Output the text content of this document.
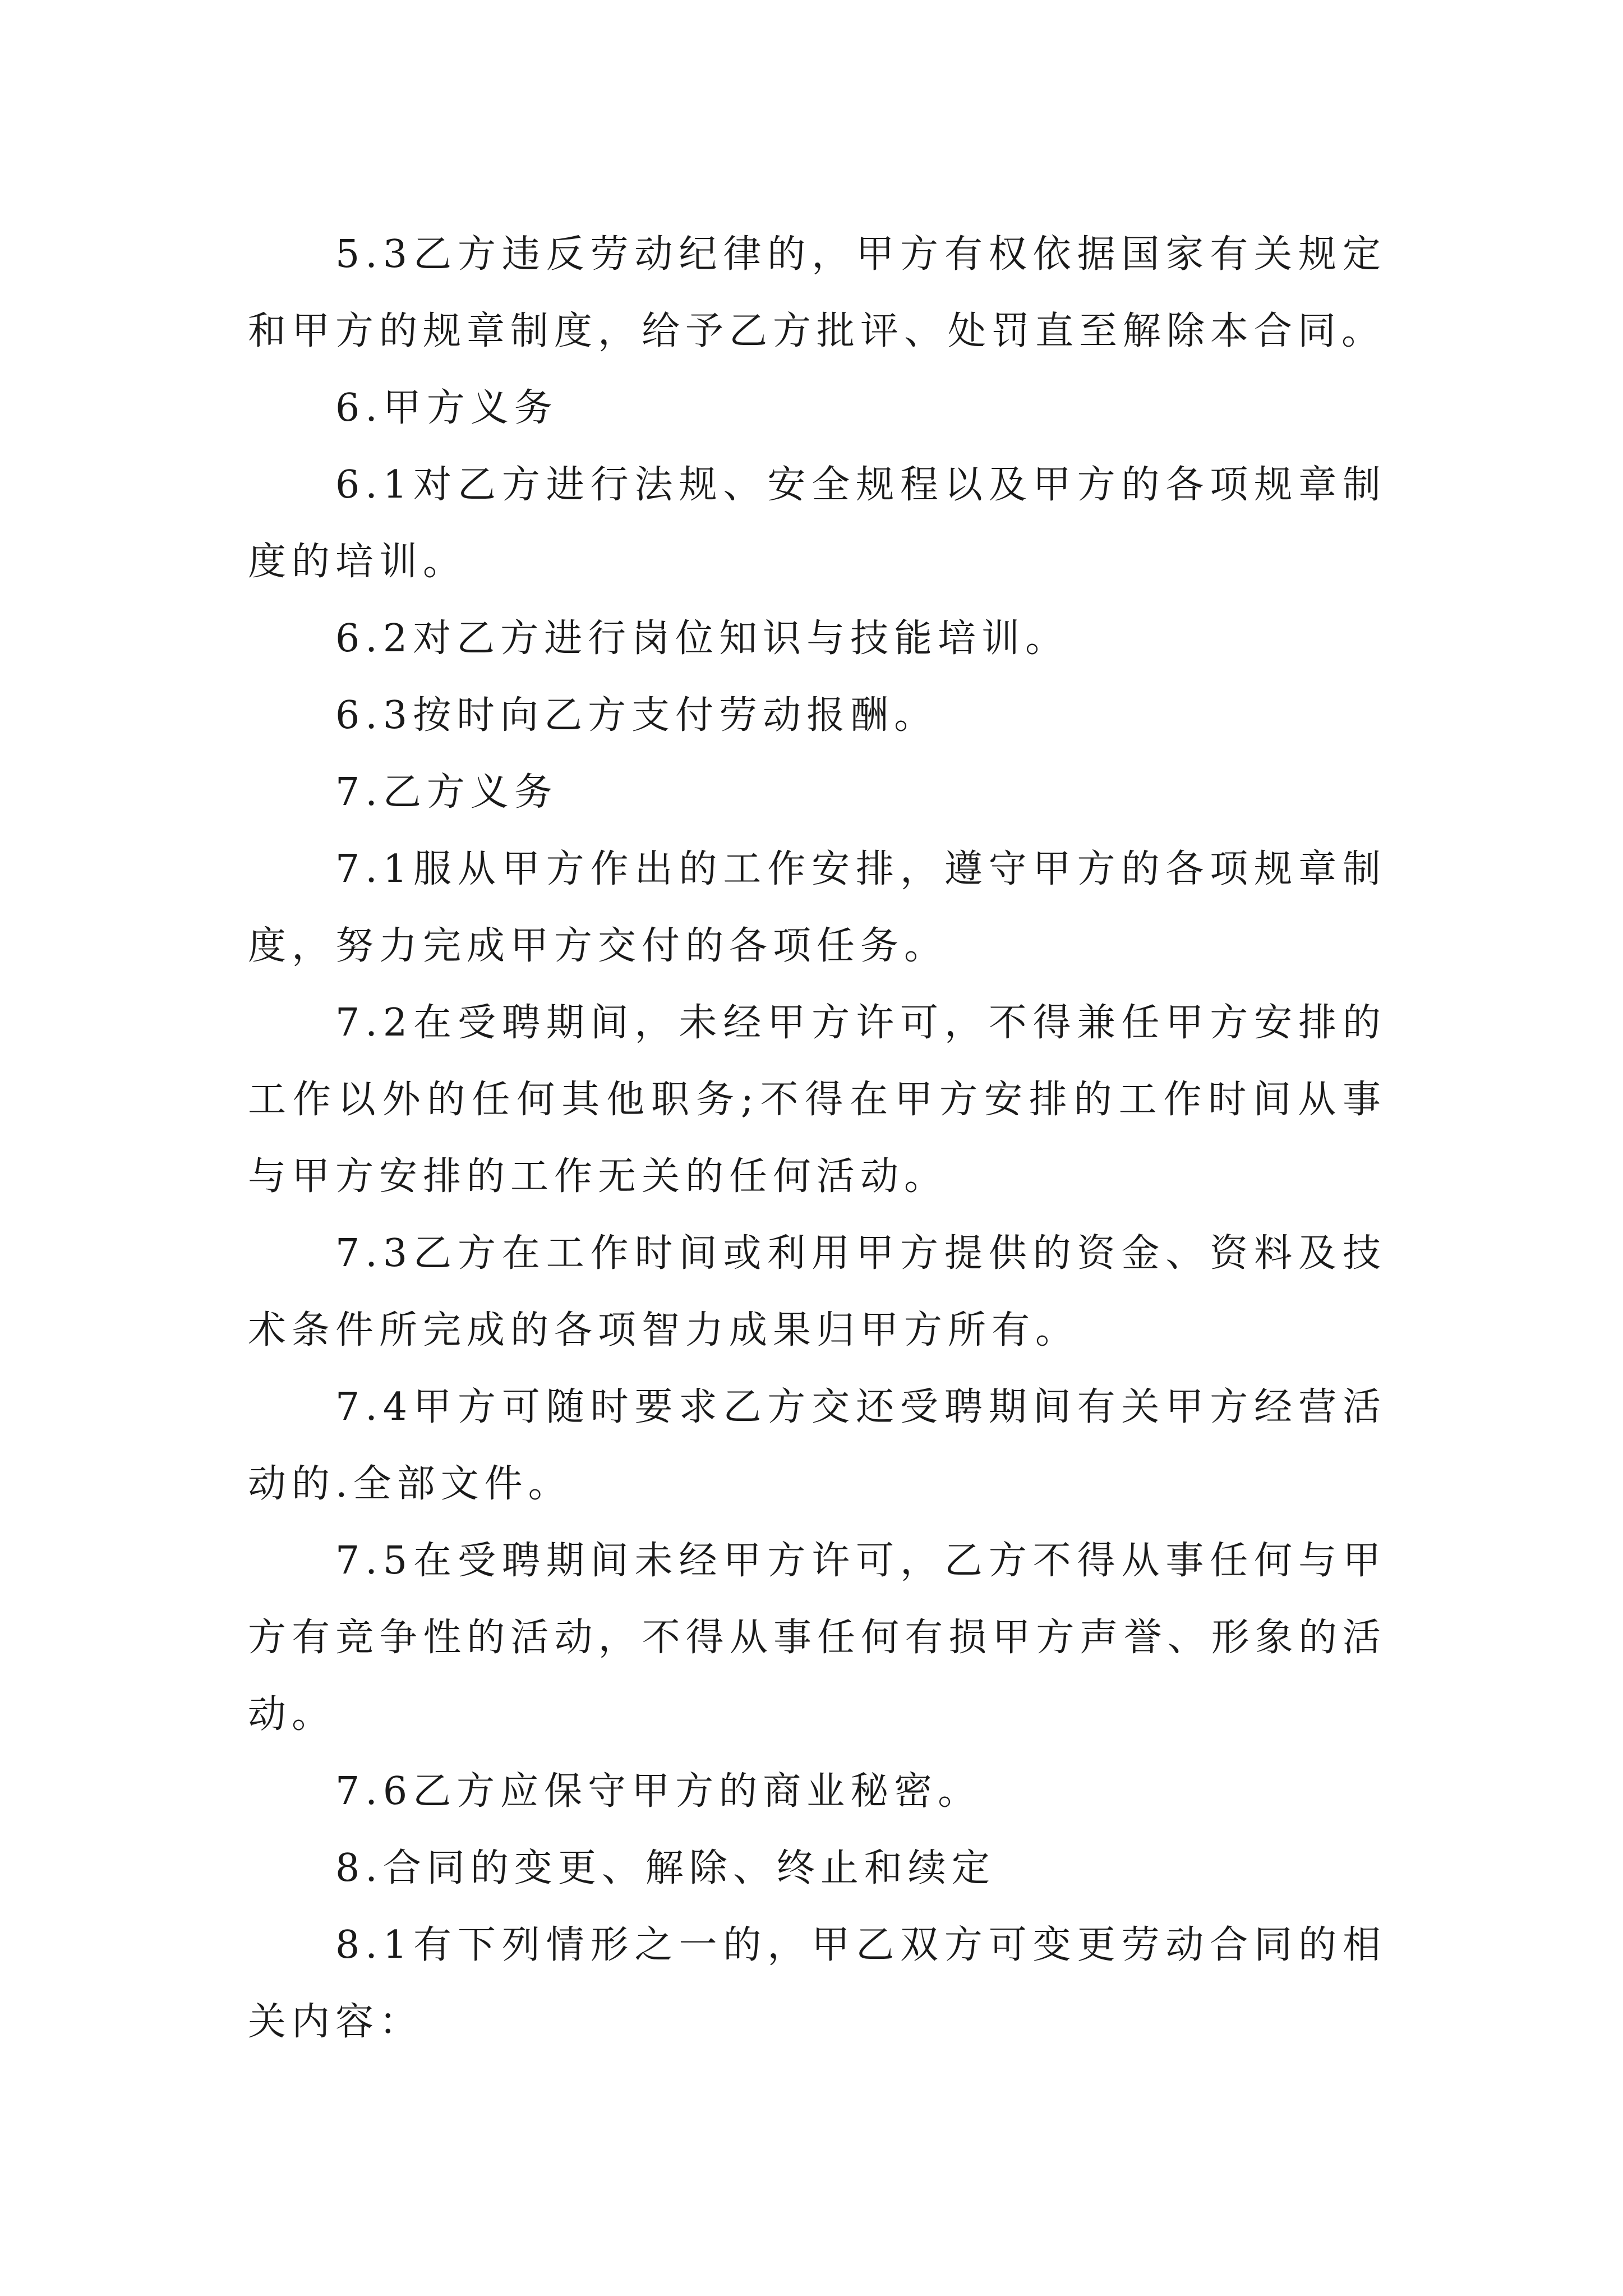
5.3乙方违反劳动纪律的，甲方有权依据国家有关规定和甲方的规章制度，给予乙方批评、处罚直至解除本合同。

6.甲方义务

6.1对乙方进行法规、安全规程以及甲方的各项规章制度的培训。

6.2对乙方进行岗位知识与技能培训。

6.3按时向乙方支付劳动报酬。

7.乙方义务

7.1服从甲方作出的工作安排，遵守甲方的各项规章制度，努力完成甲方交付的各项任务。

7.2在受聘期间，未经甲方许可，不得兼任甲方安排的工作以外的任何其他职务;不得在甲方安排的工作时间从事与甲方安排的工作无关的任何活动。

7.3乙方在工作时间或利用甲方提供的资金、资料及技术条件所完成的各项智力成果归甲方所有。

7.4甲方可随时要求乙方交还受聘期间有关甲方经营活动的.全部文件。

7.5在受聘期间未经甲方许可，乙方不得从事任何与甲方有竞争性的活动，不得从事任何有损甲方声誉、形象的活动。

7.6乙方应保守甲方的商业秘密。

8.合同的变更、解除、终止和续定

8.1有下列情形之一的，甲乙双方可变更劳动合同的相关内容：
